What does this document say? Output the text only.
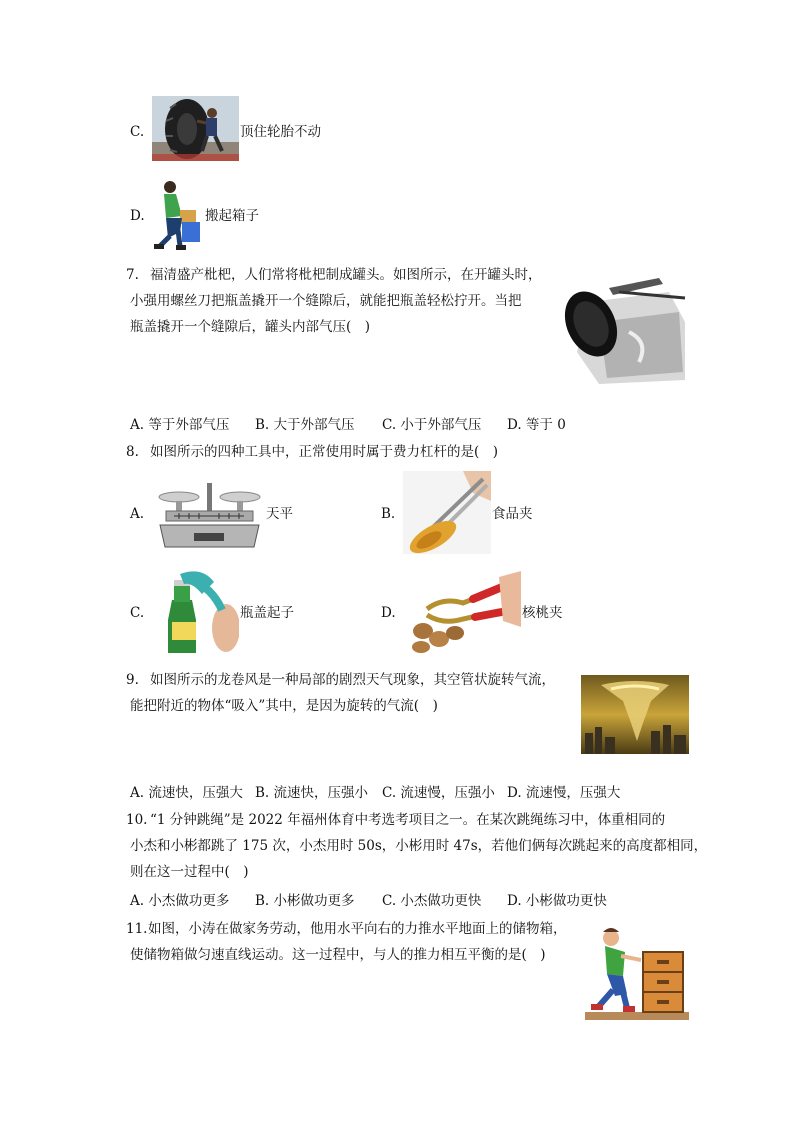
C.	顶住轮胎不动
D.	搬起箱子
7. 福清盛产枇杷，人们常将枇杷制成罐头。如图所示，在开罐头时，
小强用螺丝刀把瓶盖撬开一个缝隙后，就能把瓶盖轻松拧开。当把
瓶盖撬开一个缝隙后，罐头内部气压(　)
A. 等于外部气压 B. 大于外部气压 C. 小于外部气压 D. 等于 0
8. 如图所示的四种工具中，正常使用时属于费力杠杆的是(　)
A.	天平	B.	食品夹
C.	瓶盖起子	D.	核桃夹
9. 如图所示的龙卷风是一种局部的剧烈天气现象，其空管状旋转气流，
能把附近的物体“吸入”其中，是因为旋转的气流(　)
A. 流速快，压强大 B. 流速快，压强小 C. 流速慢，压强小 D. 流速慢，压强大
10. “1 分钟跳绳”是 2022 年福州体育中考选考项目之一。在某次跳绳练习中，体重相同的
小杰和小彬都跳了 175 次，小杰用时 50s，小彬用时 47s，若他们俩每次跳起来的高度都相同，
则在这一过程中(　)
A. 小杰做功更多 B. 小彬做功更多 C. 小杰做功更快 D. 小彬做功更快
11. 如图，小涛在做家务劳动，他用水平向右的力推水平地面上的储物箱，
使储物箱做匀速直线运动。这一过程中，与人的推力相互平衡的是(　)
